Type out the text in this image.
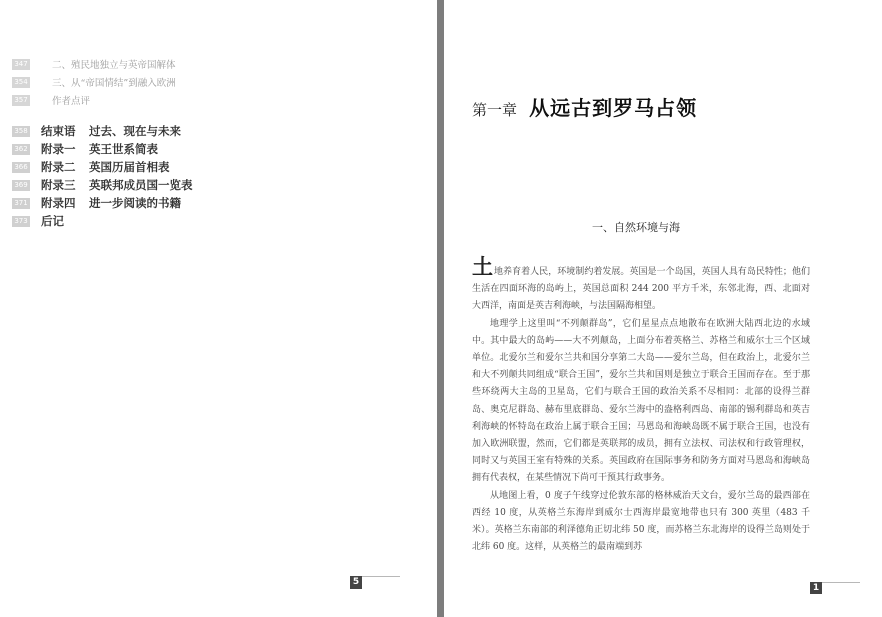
347	二、殖民地独立与英帝国解体
354	三、从“帝国情结”到融入欧洲
357	作者点评
358 结束语	过去、现在与未来
362 附录一	英王世系简表
366 附录二	英国历届首相表
369 附录三	英联邦成员国一览表
371 附录四	进一步阅读的书籍
373 后记
5
第一章 从远古到罗马占领
一、自然环境与海

土地养育着人民，环境制约着发展。英国是一个岛国，英国人具有岛民特性；他们生活在四面环海的岛屿上，英国总面积 244 200 平方千米，东邻北海，西、北面对大西洋，南面是英吉利海峡，与法国隔海相望。

地理学上这里叫“不列颠群岛”，它们星星点点地散布在欧洲大陆西北边的水域中。其中最大的岛屿——大不列颠岛，上面分布着英格兰、苏格兰和威尔士三个区域单位。北爱尔兰和爱尔兰共和国分享第二大岛——爱尔兰岛，但在政治上，北爱尔兰和大不列颠共同组成“联合王国”，爱尔兰共和国则是独立于联合王国而存在。至于那些环绕两大主岛的卫星岛，它们与联合王国的政治关系不尽相同：北部的设得兰群岛、奥克尼群岛、赫布里底群岛、爱尔兰海中的盎格利西岛、南部的锡利群岛和英吉利海峡的怀特岛在政治上属于联合王国；马恩岛和海峡岛既不属于联合王国，也没有加入欧洲联盟，然而，它们都是英联邦的成员，拥有立法权、司法权和行政管理权，同时又与英国王室有特殊的关系。英国政府在国际事务和防务方面对马恩岛和海峡岛拥有代表权，在某些情况下尚可干预其行政事务。

从地图上看，0 度子午线穿过伦敦东部的格林威治天文台，爱尔兰岛的最西部在西经 10 度，从英格兰东海岸到威尔士西海岸最宽地带也只有 300 英里（483 千米）。英格兰东南部的利泽德角正切北纬 50 度，而苏格兰东北海岸的设得兰岛则处于北纬 60 度。这样，从英格兰的最南端到苏

1
